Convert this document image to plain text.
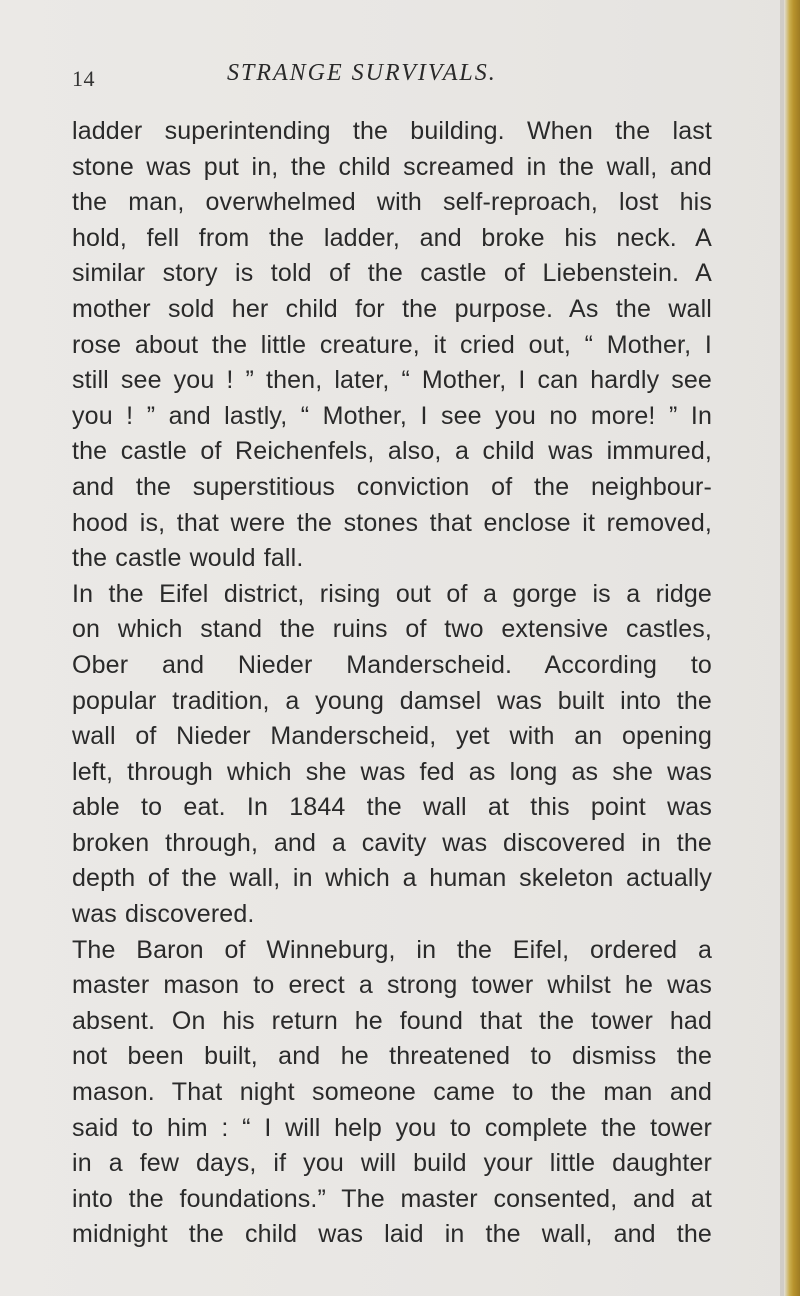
14	STRANGE SURVIVALS.
ladder superintending the building. When the last
stone was put in, the child screamed in the wall, and
the man, overwhelmed with self-reproach, lost his
hold, fell from the ladder, and broke his neck. A
similar story is told of the castle of Liebenstein. A
mother sold her child for the purpose. As the wall
rose about the little creature, it cried out, “ Mother, I
still see you ! ” then, later, “ Mother, I can hardly see
you ! ” and lastly, “ Mother, I see you no more! ” In
the castle of Reichenfels, also, a child was immured,
and the superstitious conviction of the neighbour-
hood is, that were the stones that enclose it removed,
the castle would fall.
In the Eifel district, rising out of a gorge is a ridge
on which stand the ruins of two extensive castles,
Ober and Nieder Manderscheid. According to
popular tradition, a young damsel was built into the
wall of Nieder Manderscheid, yet with an opening
left, through which she was fed as long as she was
able to eat. In 1844 the wall at this point was
broken through, and a cavity was discovered in the
depth of the wall, in which a human skeleton actually
was discovered.
The Baron of Winneburg, in the Eifel, ordered a
master mason to erect a strong tower whilst he was
absent. On his return he found that the tower had
not been built, and he threatened to dismiss the
mason. That night someone came to the man and
said to him : “ I will help you to complete the tower
in a few days, if you will build your little daughter
into the foundations.” The master consented, and at
midnight the child was laid in the wall, and the
